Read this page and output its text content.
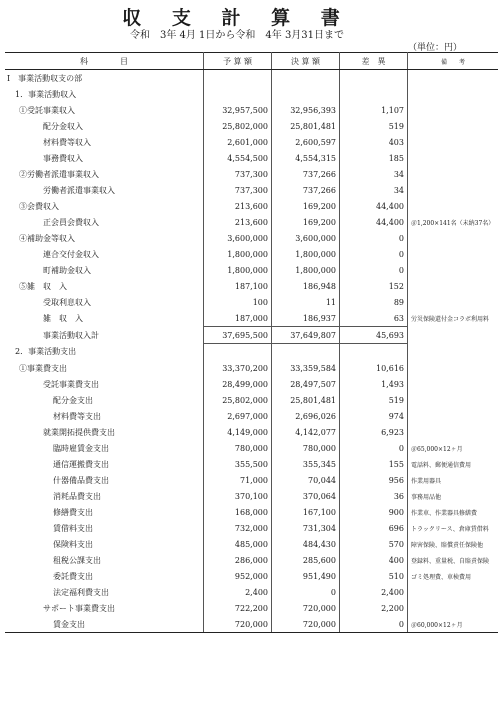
収 支 計 算 書
令和　3年 4月 1日から令和　4年 3月31日まで
（単位：円）
科　　　　目	予 算 額	決 算 額	差　異	備　　考
Ⅰ　事業活動収支の部				
1．事業活動収入				
①受託事業収入	32,957,500	32,956,393	1,107	
配分金収入	25,802,000	25,801,481	519	
材料費等収入	2,601,000	2,600,597	403	
事務費収入	4,554,500	4,554,315	185	
②労働者派遣事業収入	737,300	737,266	34	
労働者派遣事業収入	737,300	737,266	34	
③会費収入	213,600	169,200	44,400	
正会員会費収入	213,600	169,200	44,400	＠1,200×141名（未納37名）
④補助金等収入	3,600,000	3,600,000	0	
連合交付金収入	1,800,000	1,800,000	0	
町補助金収入	1,800,000	1,800,000	0	
⑤雑　収　入	187,100	186,948	152	
受取利息収入	100	11	89	
雑　収　入	187,000	186,937	63	労災保険還付金コラボ利用料
事業活動収入計	37,695,500	37,649,807	45,693	
2．事業活動支出				
①事業費支出	33,370,200	33,359,584	10,616	
受託事業費支出	28,499,000	28,497,507	1,493	
配分金支出	25,802,000	25,801,481	519	
材料費等支出	2,697,000	2,696,026	974	
就業開拓提供費支出	4,149,000	4,142,077	6,923	
臨時雇賃金支出	780,000	780,000	0	＠65,000×12ヶ月
通信運搬費支出	355,500	355,345	155	電話料、郵便通信費用
什器備品費支出	71,000	70,044	956	作業用器具
消耗品費支出	370,100	370,064	36	事務用品他
修繕費支出	168,000	167,100	900	作業車、作業器具修繕費
賃借料支出	732,000	731,304	696	トラックリース、倉庫賃借料
保険料支出	485,000	484,430	570	障害保険、賠償責任保険他
租税公課支出	286,000	285,600	400	登録料、重量税、自賠責保険
委託費支出	952,000	951,490	510	ゴミ処理費、車検費用
法定福利費支出	2,400	0	2,400	
サポート事業費支出	722,200	720,000	2,200	
賃金支出	720,000	720,000	0	＠60,000×12ヶ月
